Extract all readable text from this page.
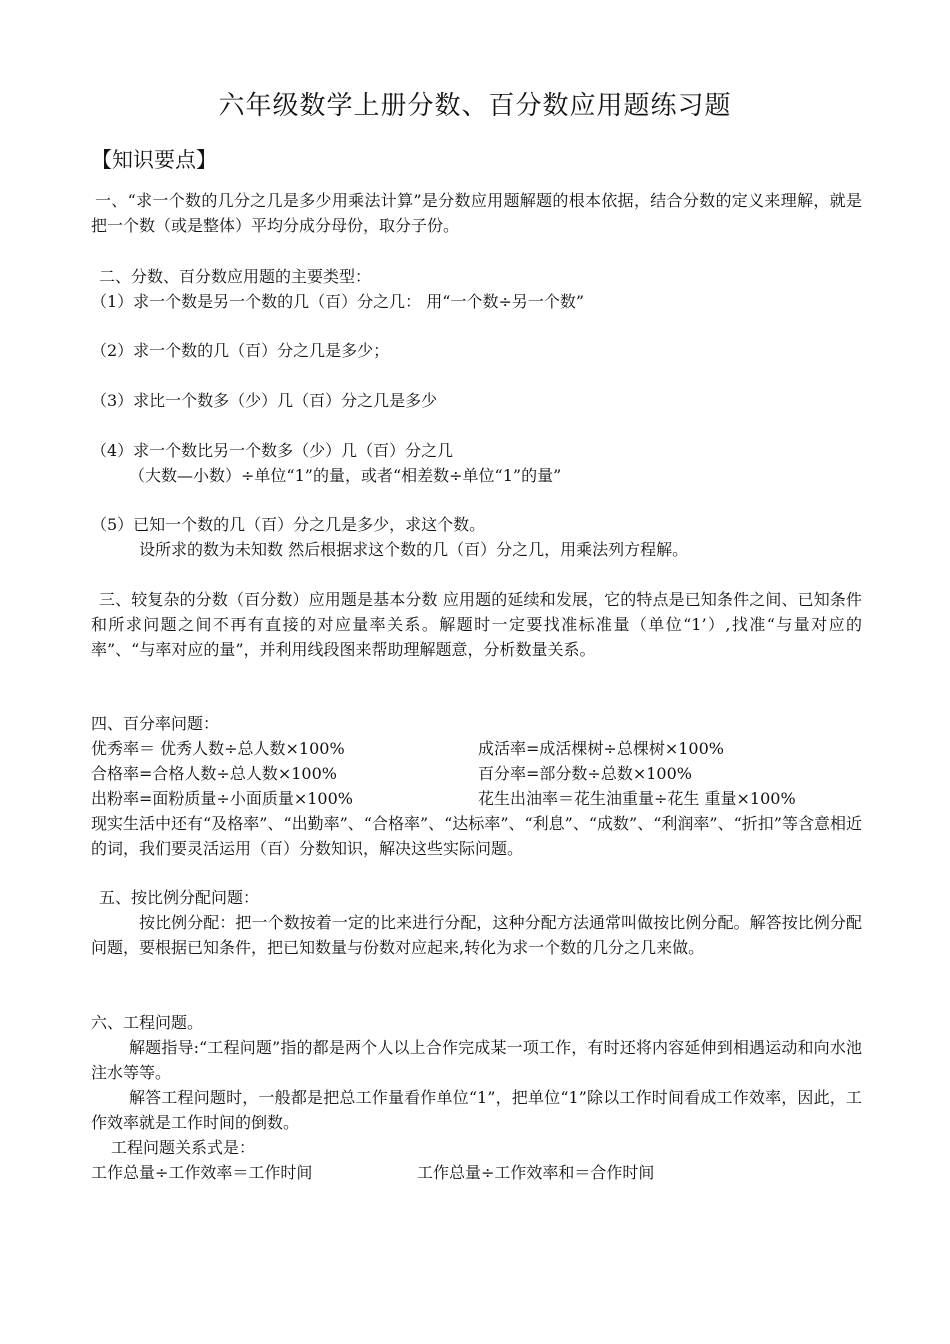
六年级数学上册分数、百分数应用题练习题
【知识要点】
一、“求一个数的几分之几是多少用乘法计算”是分数应用题解题的根本依据，结合分数的定义来理解，就是把一个数（或是整体）平均分成分母份，取分子份。
二、分数、百分数应用题的主要类型：
（1）求一个数是另一个数的几（百）分之几： 用“一个数÷另一个数”
（2）求一个数的几（百）分之几是多少；
（3）求比一个数多（少）几（百）分之几是多少
（4）求一个数比另一个数多（少）几（百）分之几
（大数—小数）÷单位“1”的量，或者“相差数÷单位“1”的量”
（5）已知一个数的几（百）分之几是多少，求这个数。
设所求的数为未知数 然后根据求这个数的几（百）分之几，用乘法列方程解。
三、较复杂的分数（百分数）应用题是基本分数 应用题的延续和发展，它的特点是已知条件之间、已知条件和所求问题之间不再有直接的对应量率关系。解题时一定要找准标准量（单位“1’）,找准“与量对应的率”、“与率对应的量”，并利用线段图来帮助理解题意，分析数量关系。
四、百分率问题：
优秀率＝ 优秀人数÷总人数×100%	成活率=成活棵树÷总棵树×100%
合格率=合格人数÷总人数×100%	百分率=部分数÷总数×100%
出粉率=面粉质量÷小面质量×100%	花生出油率＝花生油重量÷花生 重量×100%
现实生活中还有“及格率”、“出勤率”、“合格率”、“达标率”、“利息”、“成数”、“利润率”、“折扣”等含意相近的词，我们要灵活运用（百）分数知识，解决这些实际问题。
五、按比例分配问题：
按比例分配：把一个数按着一定的比来进行分配，这种分配方法通常叫做按比例分配。解答按比例分配问题，要根据已知条件，把已知数量与份数对应起来,转化为求一个数的几分之几来做。
六、工程问题。
解题指导:“工程问题”指的都是两个人以上合作完成某一项工作，有时还将内容延伸到相遇运动和向水池注水等等。
解答工程问题时，一般都是把总工作量看作单位“1”，把单位“1”除以工作时间看成工作效率，因此，工作效率就是工作时间的倒数。
工程问题关系式是：
工作总量÷工作效率＝工作时间	工作总量÷工作效率和＝合作时间
